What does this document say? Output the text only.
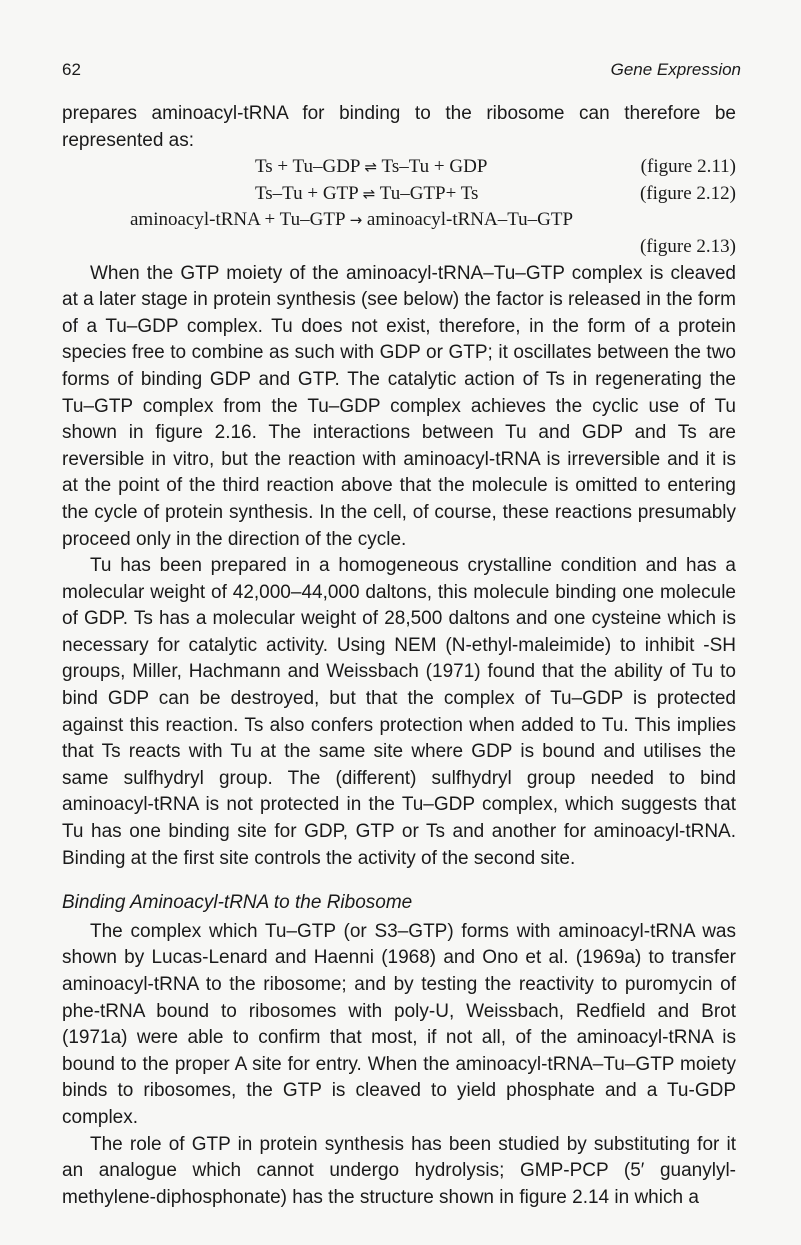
62	Gene Expression

prepares aminoacyl-tRNA for binding to the ribosome can therefore be represented as:

Ts + Tu–GDP ⇌ Ts–Tu + GDP	(figure 2.11)
Ts–Tu + GTP ⇌ Tu–GTP+ Ts	(figure 2.12)
aminoacyl-tRNA + Tu–GTP → aminoacyl-tRNA–Tu–GTP
(figure 2.13)

When the GTP moiety of the aminoacyl-tRNA–Tu–GTP complex is cleaved at a later stage in protein synthesis (see below) the factor is released in the form of a Tu–GDP complex. Tu does not exist, therefore, in the form of a protein species free to combine as such with GDP or GTP; it oscillates between the two forms of binding GDP and GTP. The catalytic action of Ts in regenerating the Tu–GTP complex from the Tu–GDP complex achieves the cyclic use of Tu shown in figure 2.16. The interactions between Tu and GDP and Ts are reversible in vitro, but the reaction with aminoacyl-tRNA is irreversible and it is at the point of the third reaction above that the molecule is omitted to entering the cycle of protein synthesis. In the cell, of course, these reactions presumably proceed only in the direction of the cycle.

Tu has been prepared in a homogeneous crystalline condition and has a molecular weight of 42,000–44,000 daltons, this molecule binding one molecule of GDP. Ts has a molecular weight of 28,500 daltons and one cysteine which is necessary for catalytic activity. Using NEM (N-ethyl-maleimide) to inhibit -SH groups, Miller, Hachmann and Weissbach (1971) found that the ability of Tu to bind GDP can be destroyed, but that the complex of Tu–GDP is protected against this reaction. Ts also confers protection when added to Tu. This implies that Ts reacts with Tu at the same site where GDP is bound and utilises the same sulfhydryl group. The (different) sulfhydryl group needed to bind aminoacyl-tRNA is not protected in the Tu–GDP complex, which suggests that Tu has one binding site for GDP, GTP or Ts and another for aminoacyl-tRNA. Binding at the first site controls the activity of the second site.

Binding Aminoacyl-tRNA to the Ribosome

The complex which Tu–GTP (or S3–GTP) forms with aminoacyl-tRNA was shown by Lucas-Lenard and Haenni (1968) and Ono et al. (1969a) to transfer aminoacyl-tRNA to the ribosome; and by testing the reactivity to puromycin of phe-tRNA bound to ribosomes with poly-U, Weissbach, Redfield and Brot (1971a) were able to confirm that most, if not all, of the aminoacyl-tRNA is bound to the proper A site for entry. When the aminoacyl-tRNA–Tu–GTP moiety binds to ribosomes, the GTP is cleaved to yield phosphate and a Tu-GDP complex.

The role of GTP in protein synthesis has been studied by substituting for it an analogue which cannot undergo hydrolysis; GMP-PCP (5′ guanylyl-methylene-diphosphonate) has the structure shown in figure 2.14 in which a
